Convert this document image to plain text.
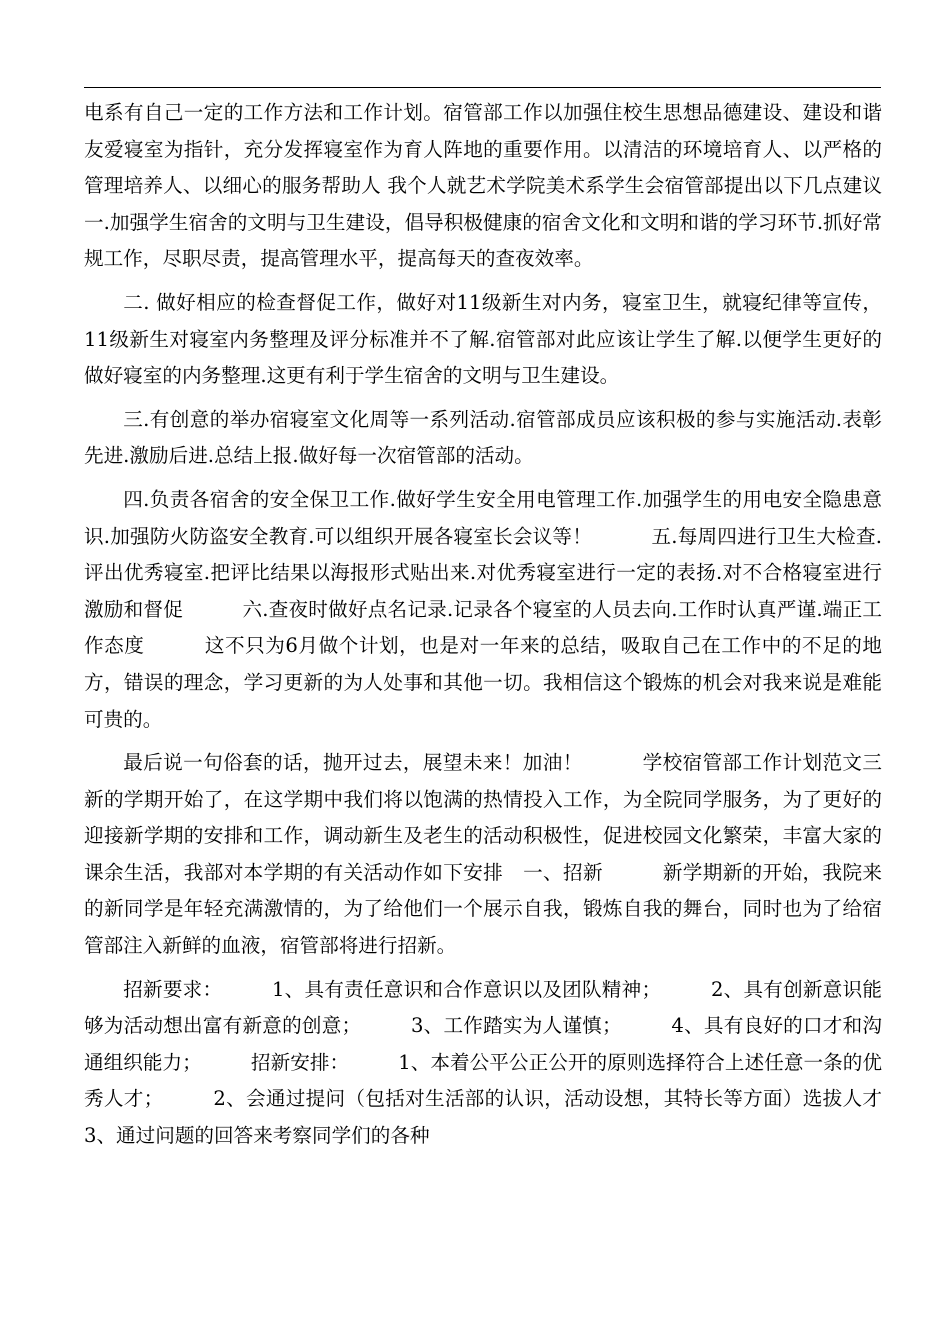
电系有自己一定的工作方法和工作计划。宿管部工作以加强住校生思想品德建设、建设和谐友爱寝室为指针，充分发挥寝室作为育人阵地的重要作用。以清洁的环境培育人、以严格的管理培养人、以细心的服务帮助人 我个人就艺术学院美术系学生会宿管部提出以下几点建议　　一.加强学生宿舍的文明与卫生建设，倡导积极健康的宿舍文化和文明和谐的学习环节.抓好常规工作，尽职尽责，提高管理水平，提高每天的查夜效率。

二. 做好相应的检查督促工作，做好对11级新生对内务，寝室卫生，就寝纪律等宣传，11级新生对寝室内务整理及评分标准并不了解.宿管部对此应该让学生了解.以便学生更好的做好寝室的内务整理.这更有利于学生宿舍的文明与卫生建设。

三.有创意的举办宿寝室文化周等一系列活动.宿管部成员应该积极的参与实施活动.表彰先进.激励后进.总结上报.做好每一次宿管部的活动。

四.负责各宿舍的安全保卫工作.做好学生安全用电管理工作.加强学生的用电安全隐患意识.加强防火防盗安全教育.可以组织开展各寝室长会议等！　　　五.每周四进行卫生大检查.评出优秀寝室.把评比结果以海报形式贴出来.对优秀寝室进行一定的表扬.对不合格寝室进行激励和督促　　　六.查夜时做好点名记录.记录各个寝室的人员去向.工作时认真严谨.端正工作态度　　　这不只为6月做个计划，也是对一年来的总结，吸取自己在工作中的不足的地方，错误的理念，学习更新的为人处事和其他一切。我相信这个锻炼的机会对我来说是难能可贵的。

最后说一句俗套的话，抛开过去，展望未来！加油！　　　学校宿管部工作计划范文三　　　新的学期开始了，在这学期中我们将以饱满的热情投入工作，为全院同学服务，为了更好的迎接新学期的安排和工作，调动新生及老生的活动积极性，促进校园文化繁荣，丰富大家的课余生活，我部对本学期的有关活动作如下安排　一、招新　　　新学期新的开始，我院来的新同学是年轻充满激情的，为了给他们一个展示自我，锻炼自我的舞台，同时也为了给宿管部注入新鲜的血液，宿管部将进行招新。

招新要求：　　　1、具有责任意识和合作意识以及团队精神；　　　2、具有创新意识能够为活动想出富有新意的创意；　　　3、工作踏实为人谨慎；　　　4、具有良好的口才和沟通组织能力；　　　招新安排：　　　1、本着公平公正公开的原则选择符合上述任意一条的优秀人才；　　　2、会通过提问（包括对生活部的认识，活动设想，其特长等方面）选拔人才　　　3、通过问题的回答来考察同学们的各种
